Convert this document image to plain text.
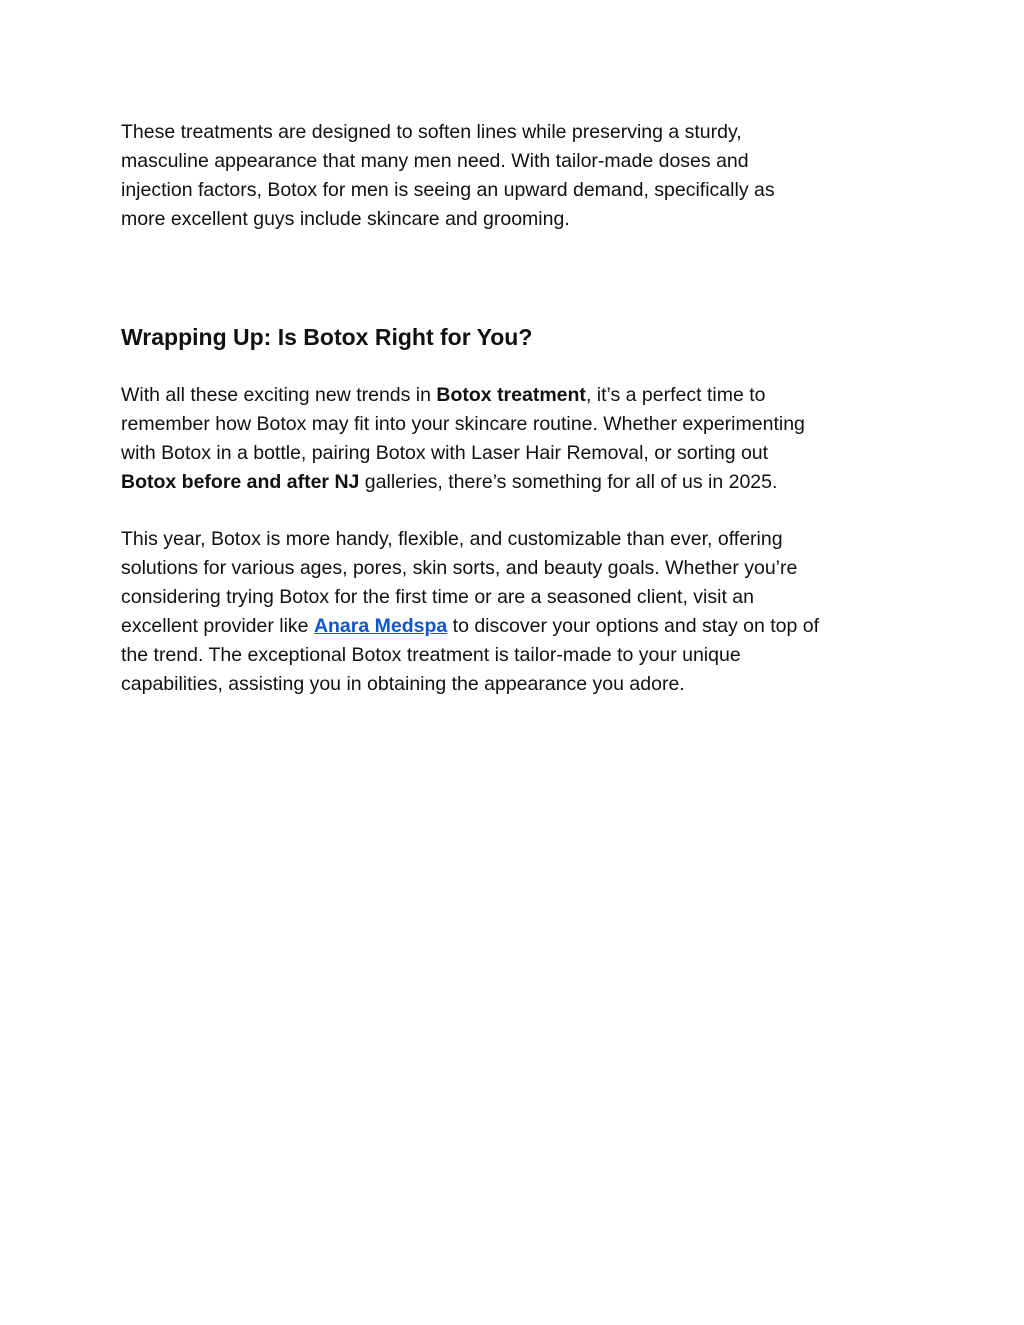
These treatments are designed to soften lines while preserving a sturdy,
masculine appearance that many men need. With tailor-made doses and
injection factors, Botox for men is seeing an upward demand, specifically as
more excellent guys include skincare and grooming.

Wrapping Up: Is Botox Right for You?

With all these exciting new trends in Botox treatment, it’s a perfect time to
remember how Botox may fit into your skincare routine. Whether experimenting
with Botox in a bottle, pairing Botox with Laser Hair Removal, or sorting out
Botox before and after NJ galleries, there’s something for all of us in 2025.

This year, Botox is more handy, flexible, and customizable than ever, offering
solutions for various ages, pores, skin sorts, and beauty goals. Whether you’re
considering trying Botox for the first time or are a seasoned client, visit an
excellent provider like Anara Medspa to discover your options and stay on top of
the trend. The exceptional Botox treatment is tailor-made to your unique
capabilities, assisting you in obtaining the appearance you adore.
